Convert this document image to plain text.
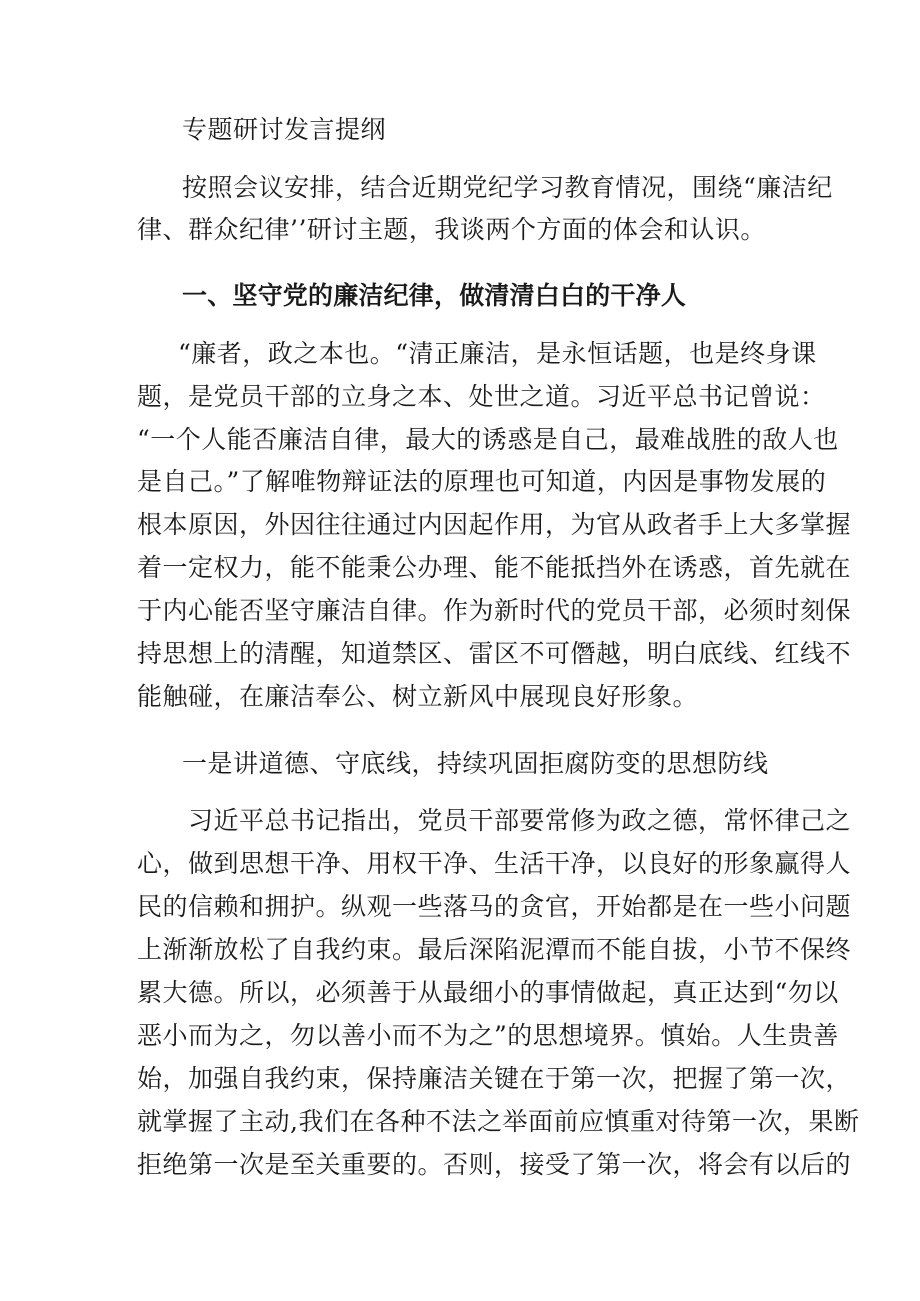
专题研讨发言提纲
按照会议安排，结合近期党纪学习教育情况，围绕“廉洁纪
律、群众纪律’’研讨主题，我谈两个方面的体会和认识。
一、坚守党的廉洁纪律，做清清白白的干净人
“廉者，政之本也。“清正廉洁，是永恒话题，也是终身课
题，是党员干部的立身之本、处世之道。习近平总书记曾说：
“一个人能否廉洁自律，最大的诱惑是自己，最难战胜的敌人也
是自己。”了解唯物辩证法的原理也可知道，内因是事物发展的
根本原因，外因往往通过内因起作用，为官从政者手上大多掌握
着一定权力，能不能秉公办理、能不能抵挡外在诱惑，首先就在
于内心能否坚守廉洁自律。作为新时代的党员干部，必须时刻保
持思想上的清醒，知道禁区、雷区不可僭越，明白底线、红线不
能触碰，在廉洁奉公、树立新风中展现良好形象。
一是讲道德、守底线，持续巩固拒腐防变的思想防线
习近平总书记指出，党员干部要常修为政之德，常怀律己之
心，做到思想干净、用权干净、生活干净，以良好的形象赢得人
民的信赖和拥护。纵观一些落马的贪官，开始都是在一些小问题
上渐渐放松了自我约束。最后深陷泥潭而不能自拔，小节不保终
累大德。所以，必须善于从最细小的事情做起，真正达到“勿以
恶小而为之，勿以善小而不为之”的思想境界。慎始。人生贵善
始，加强自我约束，保持廉洁关键在于第一次，把握了第一次，
就掌握了主动,我们在各种不法之举面前应慎重对待第一次，果断
拒绝第一次是至关重要的。否则，接受了第一次，将会有以后的
